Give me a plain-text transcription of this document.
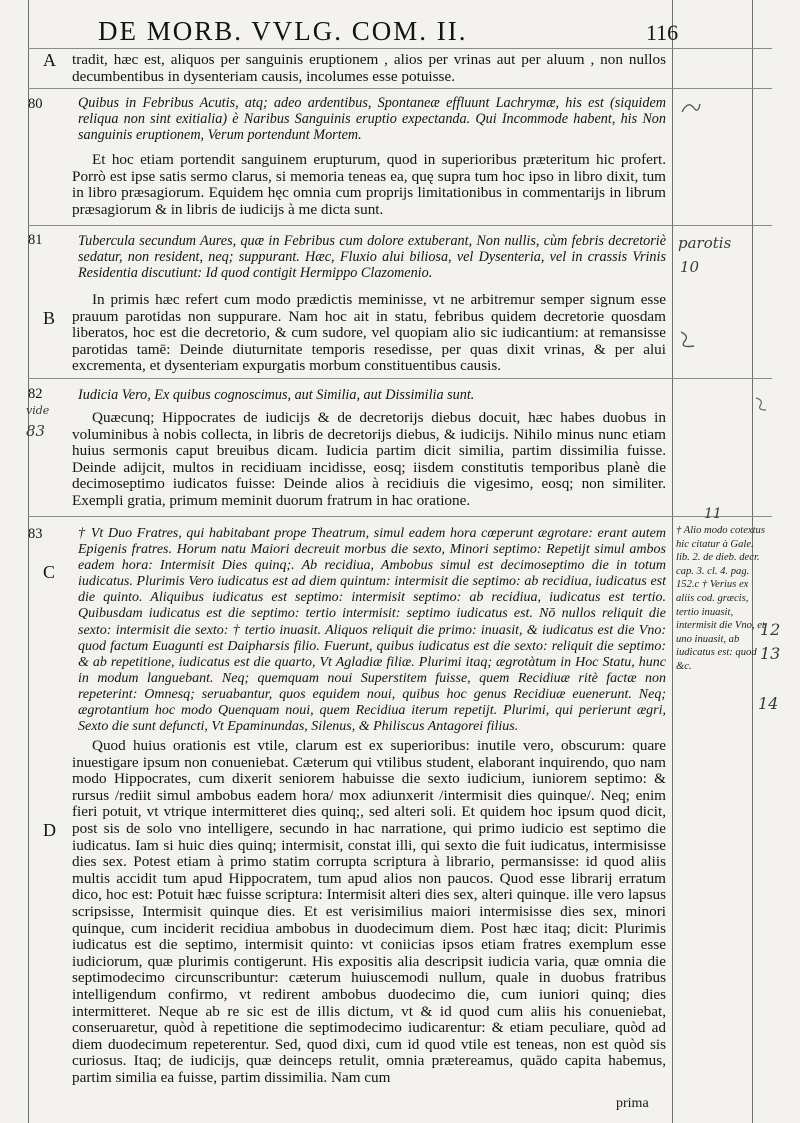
DE MORB. VVLG. COM. II.	116
A tradit, hæc est, aliquos per sanguinis eruptionem , alios per vrinas aut per aluum , non nullos decumbentibus in dysenteriam causis, incolumes esse potuisse.
80	Quibus in Febribus Acutis, atq; adeo ardentibus, Spontaneæ effluunt Lachrymæ, his est (siquidem reliqua non sint exitialia) è Naribus Sanguinis eruptio expectanda. Qui Incommode habent, his Non sanguinis eruptionem, Verum portendunt Mortem.
Et hoc etiam portendit sanguinem erupturum, quod in superioribus præteritum hic profert. Porrò est ipse satis sermo clarus, si memoria teneas ea, quę supra tum hoc ipso in libro dixit, tum in libro præsagiorum. Equidem hęc omnia cum proprijs limitationibus in commentarijs in librum præsagiorum & in libris de iudicijs à me dicta sunt.
81	Tubercula secundum Aures, quæ in Febribus cum dolore extuberant, Non nullis, cùm febris decretoriè sedatur, non resident, neq; suppurant. Hæc, Fluxio alui biliosa, vel Dysenteria, vel in crassis Vrinis Residentia discutiunt: Id quod contigit Hermippo Clazomenio.
B
In primis hæc refert cum modo prædictis meminisse, vt ne arbitremur semper signum esse prauum parotidas non suppurare. Nam hoc ait in statu, febribus quidem decretorie quosdam liberatos, hoc est die decretorio, & cum sudore, vel quopiam alio sic iudicantium: at remansisse parotidas tamē: Deinde diuturnitate temporis resedisse, per quas dixit vrinas, & per alui excrementa, et dysenteriam expurgatis morbum constituentibus causis.
82
vide
83
Iudicia Vero, Ex quibus cognoscimus, aut Similia, aut Dissimilia sunt.
Quæcunq; Hippocrates de iudicijs & de decretorijs diebus docuit, hæc habes duobus in voluminibus à nobis collecta, in libris de decretorijs diebus, & iudicijs. Nihilo minus nunc etiam huius sermonis caput breuibus dicam. Iudicia partim dicit similia, partim dissimilia fuisse. Deinde adijcit, multos in recidiuam incidisse, eosq; iisdem constitutis temporibus planè die decimoseptimo iudicatos fuisse: Deinde alios à recidiuis die vigesimo, eosq; non similiter. Exempli gratia, primum meminit duorum fratrum in hac oratione.
83
C
† Vt Duo Fratres, qui habitabant prope Theatrum, simul eadem hora cœperunt ægrotare: erant autem Epigenis fratres. Horum natu Maiori decreuit morbus die sexto, Minori septimo: Repetijt simul ambos eadem hora: Intermisit Dies quinq;. Ab recidiua, Ambobus simul est decimoseptimo die in totum iudicatus. Plurimis Vero iudicatus est ad diem quintum: intermisit die septimo: ab recidiua, iudicatus est die quinto. Aliquibus iudicatus est septimo: intermisit septimo: ab recidiua, iudicatus est tertio. Quibusdam iudicatus est die septimo: tertio intermisit: septimo iudicatus est. Nō nullos reliquit die sexto: intermisit die sexto: † tertio inuasit. Aliquos reliquit die primo: inuasit, & iudicatus est die Vno: quod factum Euagunti est Daipharsis filio. Fuerunt, quibus iudicatus est die sexto: reliquit die septimo: & ab repetitione, iudicatus est die quarto, Vt Agladiæ filiæ. Plurimi itaq; ægrotàtum in Hoc Statu, hunc in modum languebant. Neq; quemquam noui Superstitem fuisse, quem Recidiuæ ritè factæ non repeterint: Omnesq; seruabantur, quos equidem noui, quibus hoc genus Recidiuæ euenerunt. Neq; ægrotantium hoc modo Quenquam noui, quem Recidiua iterum repetijt. Plurimi, qui perierunt ægri, Sexto die sunt defuncti, Vt Epaminundas, Silenus, & Philiscus Antagorei filius.
† Alio modo cotextus hic citatur à Gale. lib. 2. de dieb. decr. cap. 3. cl. 4. pag. 152.c † Verius ex aliis cod. græcis, tertio inuasit, intermisit die Vno, et uno inuasit, ab iudicatus est: quod &c.
D
Quod huius orationis est vtile, clarum est ex superioribus: inutile vero, obscurum: quare inuestigare ipsum non conueniebat. Cæterum qui vtilibus student, elaborant inquirendo, quo nam modo Hippocrates, cum dixerit seniorem habuisse die sexto iudicium, iuniorem septimo: & rursus /rediit simul ambobus eadem hora/ mox adiunxerit /intermisit dies quinque/. Neq; enim fieri potuit, vt vtrique intermitteret dies quinq;, sed alteri soli. Et quidem hoc ipsum quod dicit, post sis de solo vno intelligere, secundo in hac narratione, qui primo iudicio est septimo die iudicatus. Iam si huic dies quinq; intermisit, constat illi, qui sexto die fuit iudicatus, intermisisse dies sex. Potest etiam à primo statim corrupta scriptura à librario, permansisse: id quod aliis multis accidit tum apud Hippocratem, tum apud alios non paucos. Quod esse librarij erratum dico, hoc est: Potuit hæc fuisse scriptura: Intermisit alteri dies sex, alteri quinque. ille vero lapsus scripsisse, Intermisit quinque dies. Et est verisimilius maiori intermisisse dies sex, minori quinque, cum inciderit recidiua ambobus in duodecimum diem. Post hæc itaq; dicit: Plurimis iudicatus est die septimo, intermisit quinto: vt coniicias ipsos etiam fratres exemplum esse iudiciorum, quæ plurimis contigerunt. His expositis alia descripsit iudicia varia, quæ omnia die septimodecimo circunscribuntur: cæterum huiuscemodi nullum, quale in duobus fratribus intelligendum confirmo, vt redirent ambobus duodecimo die, cum iuniori quinq; dies intermitteret. Neque ab re sic est de illis dictum, vt & id quod cum aliis his conueniebat, conseruaretur, quòd à repetitione die septimodecimo iudicarentur: & etiam peculiare, quòd ad diem duodecimum repeterentur. Sed, quod dixi, cum id quod vtile est teneas, non est quòd sis curiosus. Itaq; de iudicijs, quæ deinceps retulit, omnia prætereamus, quādo capita habemus, partim similia ea fuisse, partim dissimilia. Nam cum
prima
parotis
10
11
12
13
14
